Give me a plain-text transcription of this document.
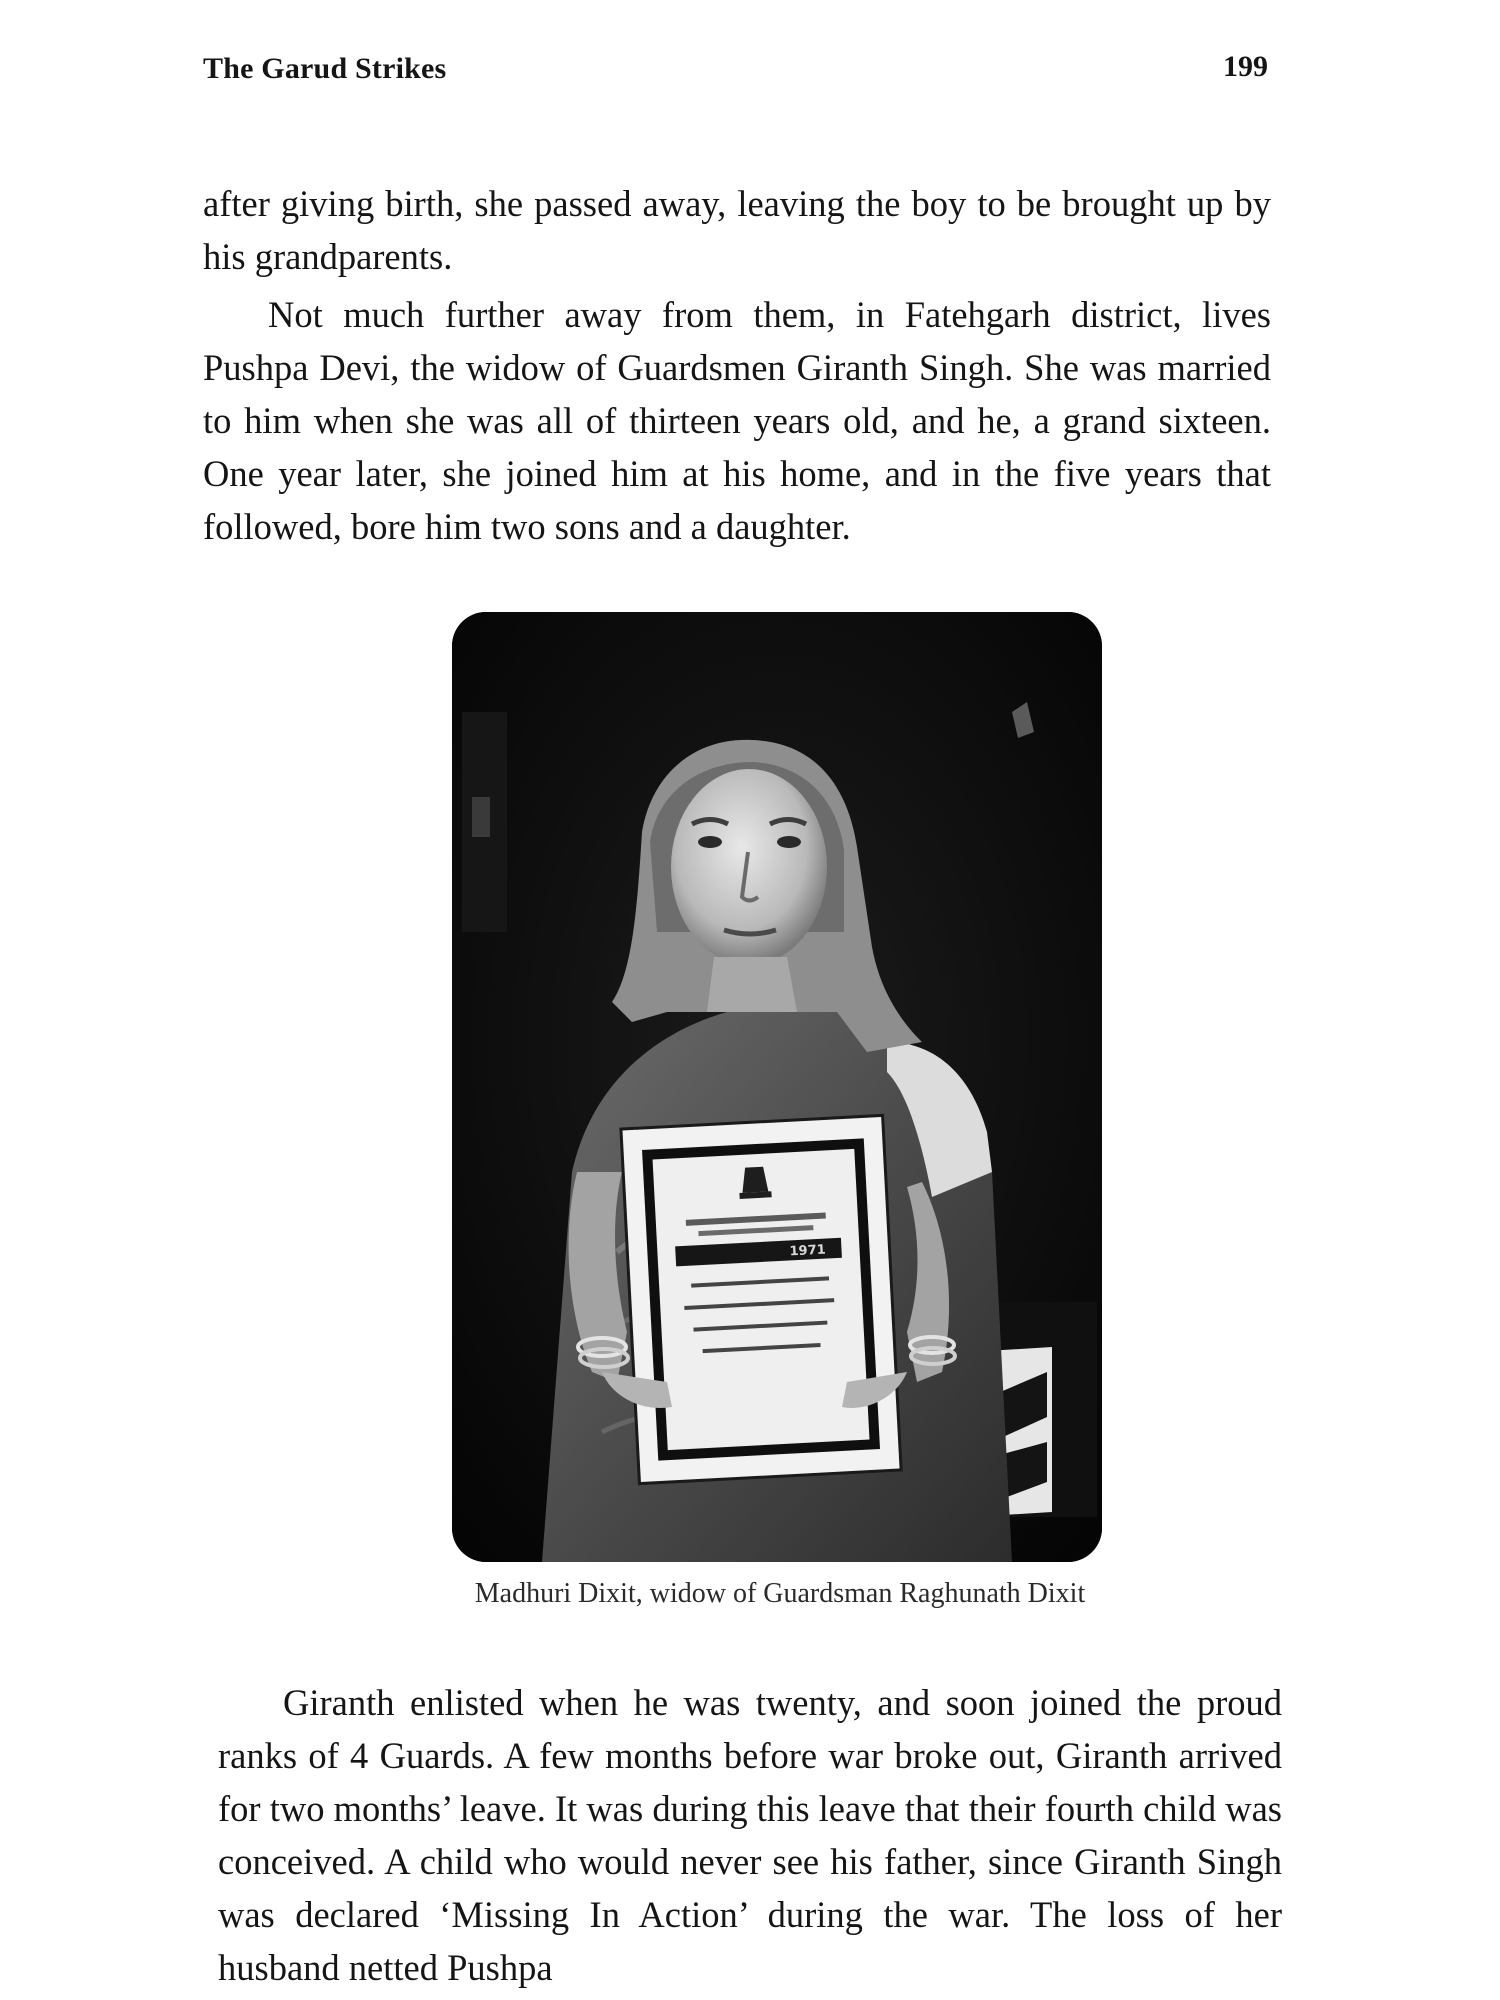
The Garud Strikes	199

after giving birth, she passed away, leaving the boy to be brought up by his grandparents.

Not much further away from them, in Fatehgarh district, lives Pushpa Devi, the widow of Guardsmen Giranth Singh. She was married to him when she was all of thirteen years old, and he, a grand sixteen. One year later, she joined him at his home, and in the five years that followed, bore him two sons and a daughter.

1971
Madhuri Dixit, widow of Guardsman Raghunath Dixit

Giranth enlisted when he was twenty, and soon joined the proud ranks of 4 Guards. A few months before war broke out, Giranth arrived for two months’ leave. It was during this leave that their fourth child was conceived. A child who would never see his father, since Giranth Singh was declared ‘Missing In Action’ during the war. The loss of her husband netted Pushpa
